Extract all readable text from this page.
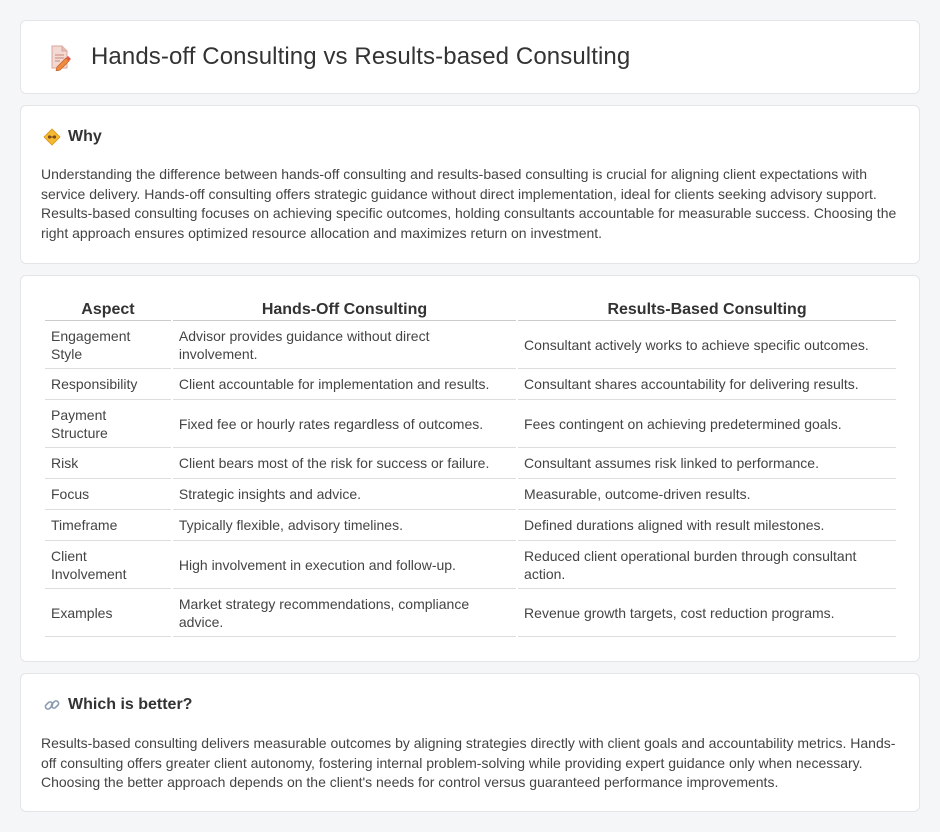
Hands-off Consulting vs Results-based Consulting
Why

Understanding the difference between hands-off consulting and results-based consulting is crucial for aligning client expectations with service delivery. Hands-off consulting offers strategic guidance without direct implementation, ideal for clients seeking advisory support. Results-based consulting focuses on achieving specific outcomes, holding consultants accountable for measurable success. Choosing the right approach ensures optimized resource allocation and maximizes return on investment.

Aspect	Hands-Off Consulting	Results-Based Consulting
Engagement Style	Advisor provides guidance without direct involvement.	Consultant actively works to achieve specific outcomes.
Responsibility	Client accountable for implementation and results.	Consultant shares accountability for delivering results.
Payment Structure	Fixed fee or hourly rates regardless of outcomes.	Fees contingent on achieving predetermined goals.
Risk	Client bears most of the risk for success or failure.	Consultant assumes risk linked to performance.
Focus	Strategic insights and advice.	Measurable, outcome-driven results.
Timeframe	Typically flexible, advisory timelines.	Defined durations aligned with result milestones.
Client Involvement	High involvement in execution and follow-up.	Reduced client operational burden through consultant action.
Examples	Market strategy recommendations, compliance advice.	Revenue growth targets, cost reduction programs.
Which is better?

Results-based consulting delivers measurable outcomes by aligning strategies directly with client goals and accountability metrics. Hands-off consulting offers greater client autonomy, fostering internal problem-solving while providing expert guidance only when necessary. Choosing the better approach depends on the client's needs for control versus guaranteed performance improvements.
